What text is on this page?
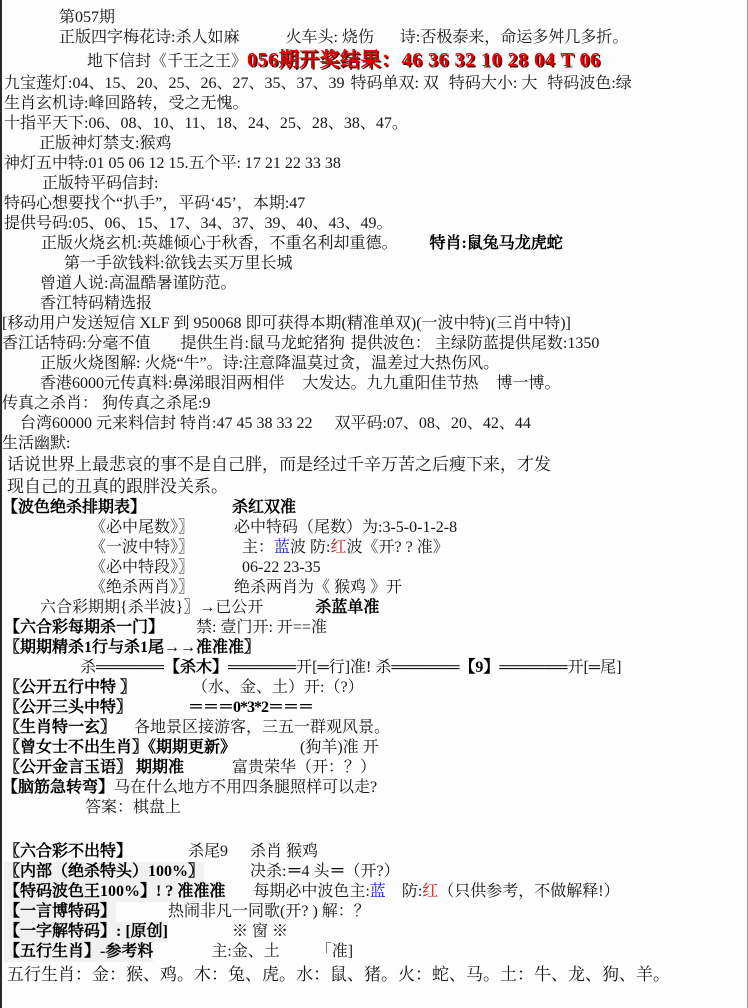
第057期
正版四字梅花诗:杀人如麻	火车头: 烧伤 诗:否极泰来，命运多舛几多折。
地下信封《千王之王》056期开奖结果：46 36 32 10 28 04 T 06
九宝莲灯:04、15、20、25、26、27、35、37、39 特码单双: 双 特码大小: 大 特码波色:绿
生肖玄机诗:峰回路转，受之无愧。
十指平天下:06、08、10、11、18、24、25、28、38、47。
正版神灯禁支:猴鸡
神灯五中特:01 05 06 12 15.五个平: 17 21 22 33 38
正版特平码信封:
特码心想要找个“扒手”，平码‘45’，本期:47
提供号码:05、06、15、17、34、37、39、40、43、49。
正版火烧玄机:英雄倾心于秋香，不重名利却重德。 特肖:鼠兔马龙虎蛇
第一手欲钱料:欲钱去买万里长城
曾道人说:高温酷暑谨防范。
香江特码精选报
[移动用户发送短信 XLF 到 950068 即可获得本期(精准单双)(一波中特)(三肖中特)]
香江话特码:分毫不值 提供生肖:鼠马龙蛇猪狗 提供波色： 主绿防蓝提供尾数:1350
正版火烧图解: 火烧“牛”。诗:注意降温莫过贪，温差过大热伤风。
香港6000元传真料:鼻涕眼泪两相伴 大发达。九九重阳佳节热 博一博。
传真之杀肖： 狗传真之杀尾:9
台湾60000 元来料信封 特肖:47 45 38 33 22 双平码:07、08、20、42、44
生活幽默:
话说世界上最悲哀的事不是自己胖，而是经过千辛万苦之后瘦下来，才发
现自己的丑真的跟胖没关系。
【波色绝杀排期表】	杀红双准
《必中尾数》〗	必中特码（尾数）为:3-5-0-1-2-8
《一波中特》〗	主：蓝波 防:红波《开? ? 准》
《必中特段》〗	06-22 23-35
《绝杀两肖》〗	绝杀两肖为《 猴鸡 》开
六合彩期期{杀半波}〗→已公开	杀蓝单准
【六合彩每期杀一门】 禁: 壹门开: 开==准
〖期期精杀1行与杀1尾→→准准准〗
杀══════【杀木】══════开[═行]准! 杀══════【9】══════开[═尾]
〖公开五行中特 〗	（水、金、土）开:（?）
〖公开三头中特〗	＝＝＝0*3*2＝＝＝
〖生肖特一玄〗 各地景区接游客，三五一群观风景。
〖曾女士不出生肖〗《期期更新》	(狗羊)准 开
〖公开金言玉语〗 期期准	富贵荣华（开：？）
【脑筋急转弯】马在什么地方不用四条腿照样可以走?
答案：棋盘上
〖六合彩不出特】	杀尾9 杀肖 猴鸡
〖内部（绝杀特头）100%〗	决杀:＝4 头＝（开?）
【特码波色王100%】! ? 准准准 每期必中波色主:蓝　防:红（只供参考，不做解释!）
【一言博特码】	热闹非凡一同歌(开? ) 解：？
【一字解特码】: [原创]	※ 窗 ※
【五行生肖】-参考料	主:金、土 「准]
五行生肖：金：猴、鸡。木：兔、虎。水：鼠、猪。火：蛇、马。土：牛、龙、狗、羊。
